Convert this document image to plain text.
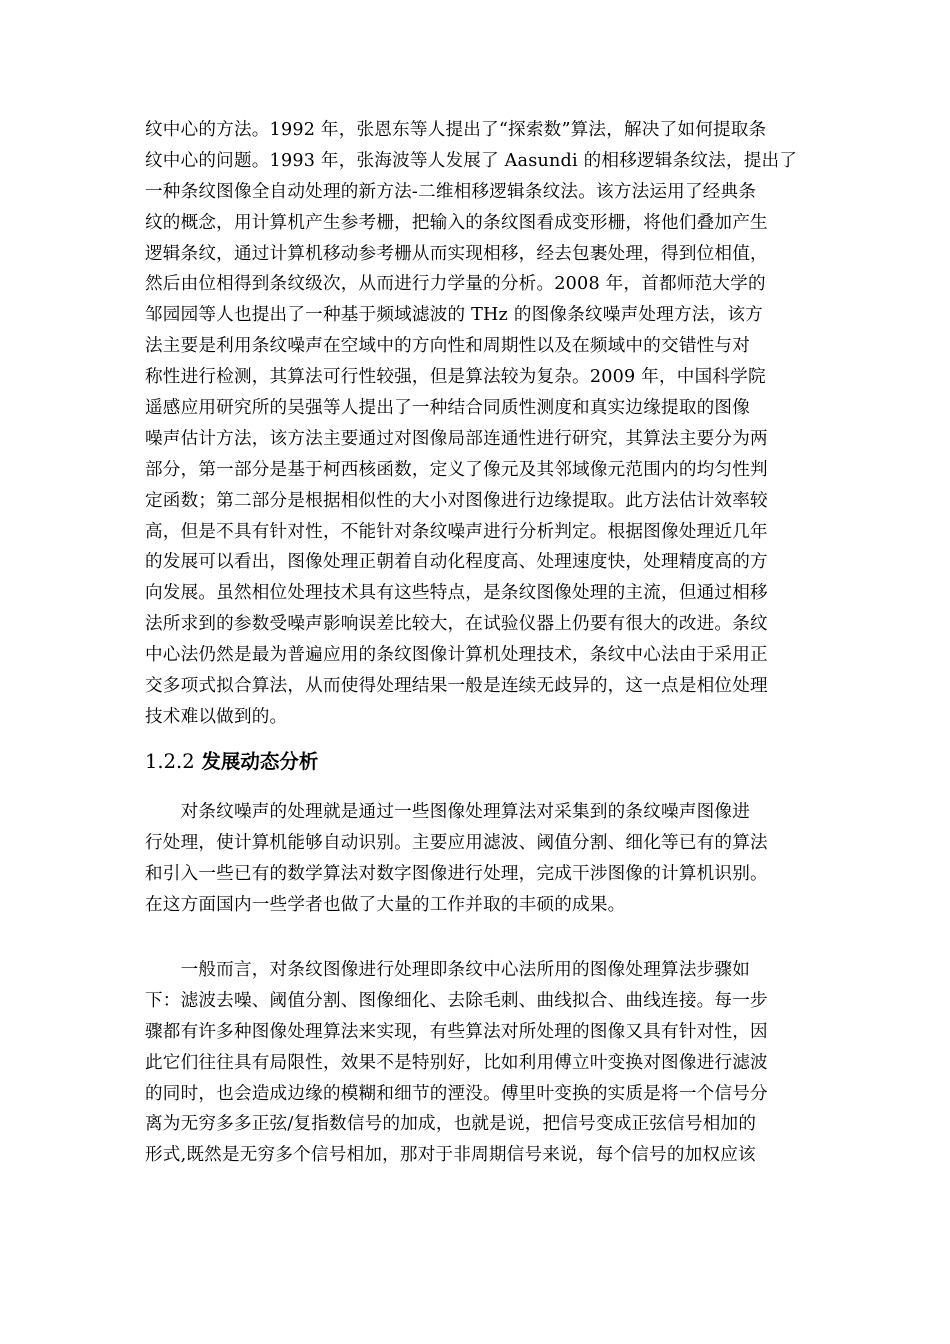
纹中心的方法。1992 年，张恩东等人提出了“探索数”算法，解决了如何提取条
纹中心的问题。1993 年，张海波等人发展了 Aasundi 的相移逻辑条纹法，提出了
一种条纹图像全自动处理的新方法-二维相移逻辑条纹法。该方法运用了经典条
纹的概念，用计算机产生参考栅，把输入的条纹图看成变形栅，将他们叠加产生
逻辑条纹，通过计算机移动参考栅从而实现相移，经去包裹处理，得到位相值，
然后由位相得到条纹级次，从而进行力学量的分析。2008 年，首都师范大学的
邹园园等人也提出了一种基于频域滤波的 THz 的图像条纹噪声处理方法，该方
法主要是利用条纹噪声在空域中的方向性和周期性以及在频域中的交错性与对
称性进行检测，其算法可行性较强，但是算法较为复杂。2009 年，中国科学院
遥感应用研究所的吴强等人提出了一种结合同质性测度和真实边缘提取的图像
噪声估计方法，该方法主要通过对图像局部连通性进行研究，其算法主要分为两
部分，第一部分是基于柯西核函数，定义了像元及其邻域像元范围内的均匀性判
定函数；第二部分是根据相似性的大小对图像进行边缘提取。此方法估计效率较
高，但是不具有针对性，不能针对条纹噪声进行分析判定。根据图像处理近几年
的发展可以看出，图像处理正朝着自动化程度高、处理速度快，处理精度高的方
向发展。虽然相位处理技术具有这些特点，是条纹图像处理的主流，但通过相移
法所求到的参数受噪声影响误差比较大，在试验仪器上仍要有很大的改进。条纹
中心法仍然是最为普遍应用的条纹图像计算机处理技术，条纹中心法由于采用正
交多项式拟合算法，从而使得处理结果一般是连续无歧异的，这一点是相位处理
技术难以做到的。
1.2.2 发展动态分析
　　对条纹噪声的处理就是通过一些图像处理算法对采集到的条纹噪声图像进
行处理，使计算机能够自动识别。主要应用滤波、阈值分割、细化等已有的算法
和引入一些已有的数学算法对数字图像进行处理，完成干涉图像的计算机识别。
在这方面国内一些学者也做了大量的工作并取的丰硕的成果。
　　一般而言，对条纹图像进行处理即条纹中心法所用的图像处理算法步骤如
下：滤波去噪、阈值分割、图像细化、去除毛刺、曲线拟合、曲线连接。每一步
骤都有许多种图像处理算法来实现，有些算法对所处理的图像又具有针对性，因
此它们往往具有局限性，效果不是特别好，比如利用傅立叶变换对图像进行滤波
的同时，也会造成边缘的模糊和细节的湮没。傅里叶变换的实质是将一个信号分
离为无穷多多正弦/复指数信号的加成，也就是说，把信号变成正弦信号相加的
形式,既然是无穷多个信号相加，那对于非周期信号来说，每个信号的加权应该
